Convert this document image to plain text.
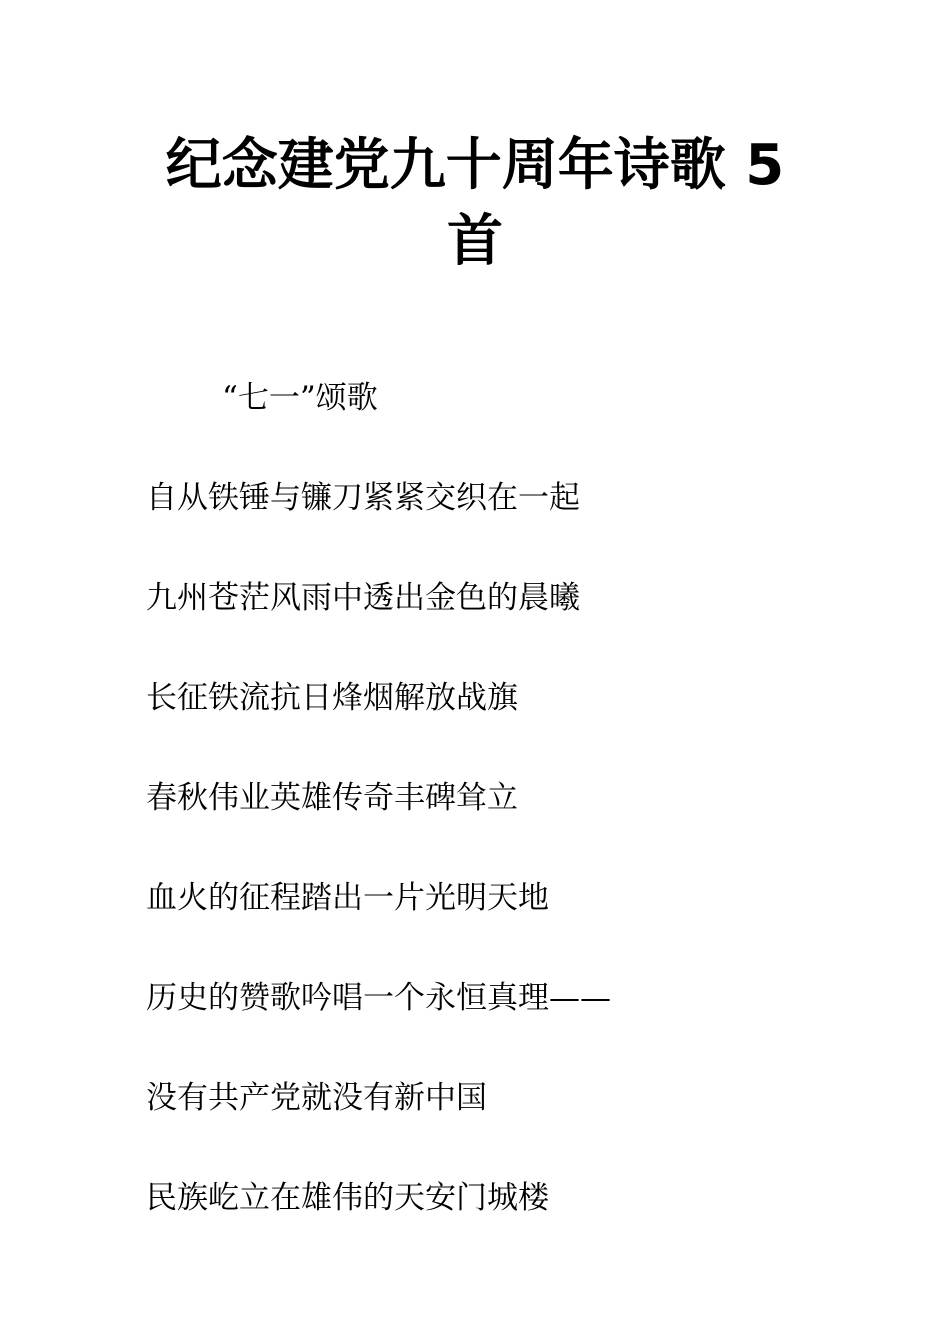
纪念建党九十周年诗歌 5 首
“七一”颂歌
自从铁锤与镰刀紧紧交织在一起
九州苍茫风雨中透出金色的晨曦
长征铁流抗日烽烟解放战旗
春秋伟业英雄传奇丰碑耸立
血火的征程踏出一片光明天地
历史的赞歌吟唱一个永恒真理——
没有共产党就没有新中国
民族屹立在雄伟的天安门城楼
